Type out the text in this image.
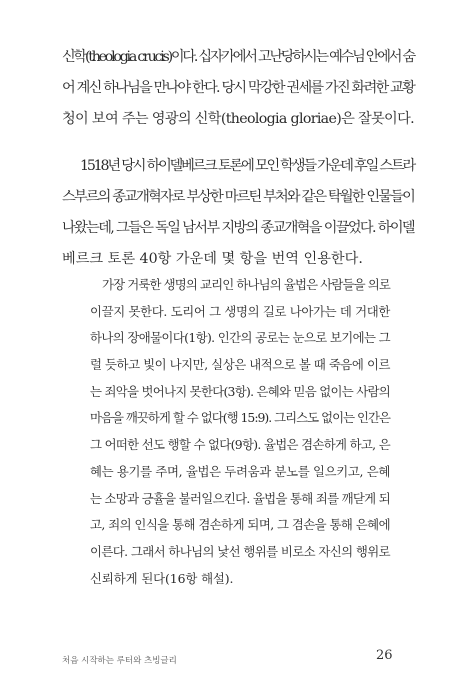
신학(theologia crucis)이다. 십자가에서 고난당하시는 예수님 안에서 숨
어 계신 하나님을 만나야 한다. 당시 막강한 권세를 가진 화려한 교황
청이 보여 주는 영광의 신학(theologia gloriae)은 잘못이다.
1518년 당시 하이델베르크 토론에 모인 학생들 가운데 후일 스트라
스부르의 종교개혁자로 부상한 마르틴 부처와 같은 탁월한 인물들이
나왔는데, 그들은 독일 남서부 지방의 종교개혁을 이끌었다. 하이델
베르크 토론 40항 가운데 몇 항을 번역 인용한다.
가장 거룩한 생명의 교리인 하나님의 율법은 사람들을 의로
이끌지 못한다. 도리어 그 생명의 길로 나아가는 데 거대한
하나의 장애물이다(1항). 인간의 공로는 눈으로 보기에는 그
럴 듯하고 빛이 나지만, 실상은 내적으로 볼 때 죽음에 이르
는 죄악을 벗어나지 못한다(3항). 은혜와 믿음 없이는 사람의
마음을 깨끗하게 할 수 없다(행 15:9). 그리스도 없이는 인간은
그 어떠한 선도 행할 수 없다(9항). 율법은 겸손하게 하고, 은
혜는 용기를 주며, 율법은 두려움과 분노를 일으키고, 은혜
는 소망과 긍휼을 불러일으킨다. 율법을 통해 죄를 깨닫게 되
고, 죄의 인식을 통해 겸손하게 되며, 그 겸손을 통해 은혜에
이른다. 그래서 하나님의 낯선 행위를 비로소 자신의 행위로
신뢰하게 된다(16항 해설).
처음 시작하는 루터와 츠빙글리	26
